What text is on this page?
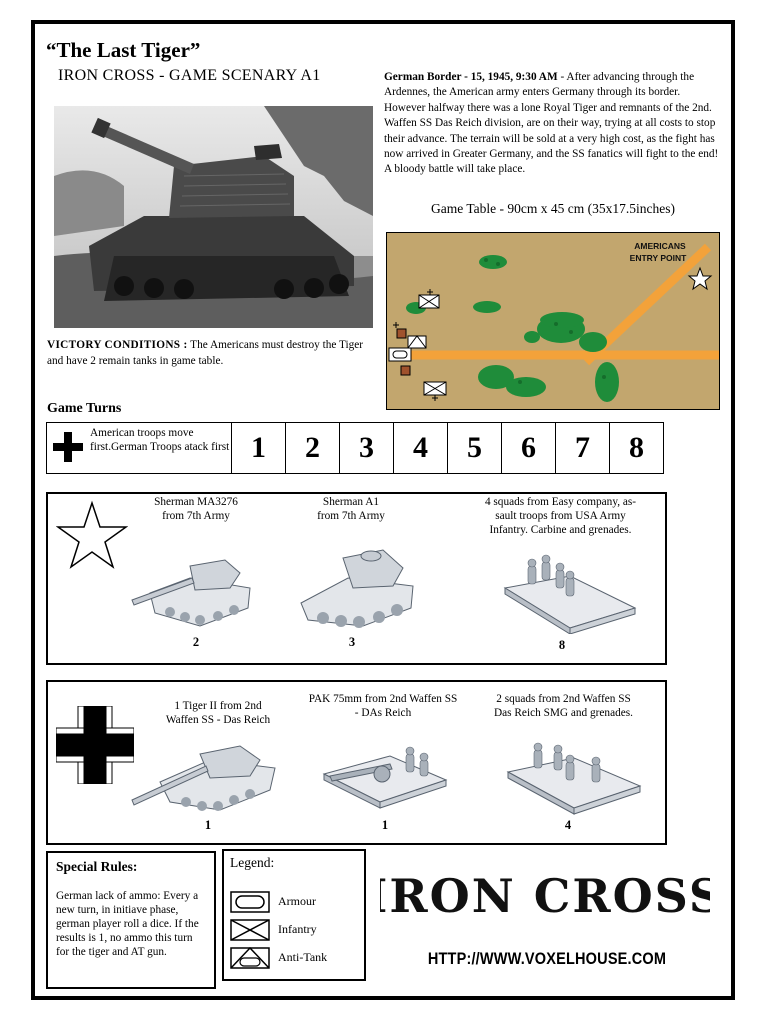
“The Last Tiger”
IRON CROSS - GAME SCENARY A1	German Border - 15, 1945, 9:30 AM - After advancing through the Ardennes, the American army enters Germany through its border. However halfway there was a lone Royal Tiger and remnants of the 2nd. Waffen SS Das Reich division, are on their way, trying at all costs to stop their advance. The terrain will be sold at a very high cost, as the fight has now arrived in Greater Germany, and the SS fanatics will fight to the end! A bloody battle will take place.
Game Table - 90cm x 45 cm (35x17.5inches)
AMERICANS
ENTRY POINT
VICTORY CONDITIONS : The Americans must destroy the Tiger and have 2 remain tanks in game table.
Game Turns
American troops move first.German Troops atack first 1	2	3	4	5	6	7	8
Sherman MA3276
from 7th Army
2
Sherman A1
from 7th Army
3
4 squads from Easy company, as-
sault troops from USA Army
Infantry. Carbine and grenades.
8
1 Tiger II from 2nd
Waffen SS - Das Reich
1
PAK 75mm from 2nd Waffen SS
- DAs Reich
1
2 squads from 2nd Waffen SS
Das Reich SMG and grenades.
4
Special Rules:
German lack of ammo: Every a new turn, in initiave phase, german player roll a dice. If the results is 1, no ammo this turn for the tiger and AT gun.
Legend:
Armour
Infantry
Anti-Tank
IRON CROSS
HTTP://WWW.VOXELHOUSE.COM
